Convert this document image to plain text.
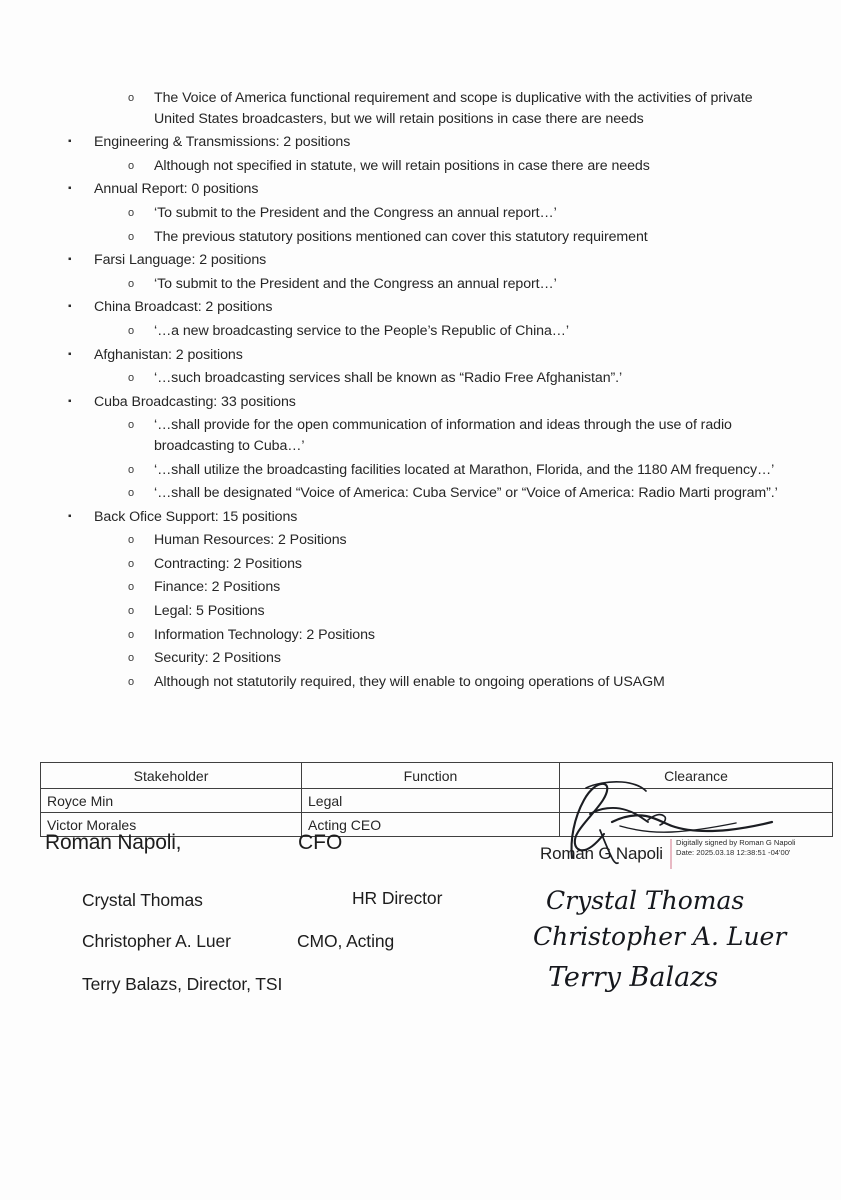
o	The Voice of America functional requirement and scope is duplicative with the activities of private United States broadcasters, but we will retain positions in case there are needs
▪	Engineering & Transmissions: 2 positions
o	Although not specified in statute, we will retain positions in case there are needs
▪	Annual Report: 0 positions
o	‘To submit to the President and the Congress an annual report…’
o	The previous statutory positions mentioned can cover this statutory requirement
▪	Farsi Language: 2 positions
o	‘To submit to the President and the Congress an annual report…’
▪	China Broadcast: 2 positions
o	‘…a new broadcasting service to the People’s Republic of China…’
▪	Afghanistan: 2 positions
o	‘…such broadcasting services shall be known as “Radio Free Afghanistan”.’
▪	Cuba Broadcasting: 33 positions
o	‘…shall provide for the open communication of information and ideas through the use of radio broadcasting to Cuba…’
o	‘…shall utilize the broadcasting facilities located at Marathon, Florida, and the 1180 AM frequency…’
o	‘…shall be designated “Voice of America: Cuba Service” or “Voice of America: Radio Marti program”.’
▪	Back Ofice Support: 15 positions
o	Human Resources: 2 Positions
o	Contracting: 2 Positions
o	Finance: 2 Positions
o	Legal: 5 Positions
o	Information Technology: 2 Positions
o	Security: 2 Positions
o	Although not statutorily required, they will enable to ongoing operations of USAGM
Stakeholder	Function	Clearance
Royce Min	Legal	
Victor Morales	Acting CEO	
Roman Napoli,	CFO	Roman G Napoli
Digitally signed by Roman G Napoli
Date: 2025.03.18 12:38:51 -04'00'
Crystal Thomas	HR Director	Crystal Thomas
Christopher A. Luer	CMO, Acting	Christopher A. Luer
Terry Balazs, Director, TSI	Terry Balazs
